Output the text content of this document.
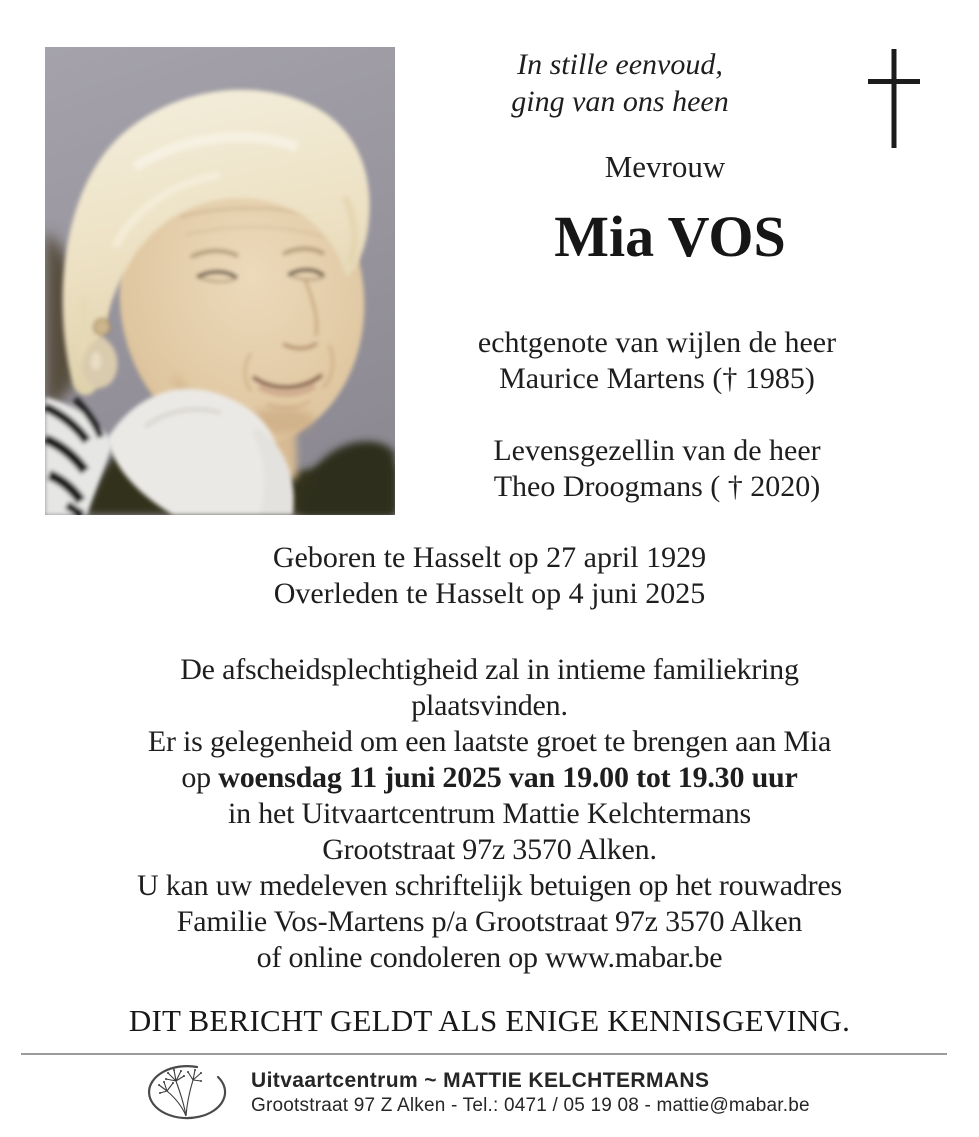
In stille eenvoud,
ging van ons heen
Mevrouw
Mia VOS
echtgenote van wijlen de heer
Maurice Martens († 1985)
Levensgezellin van de heer
Theo Droogmans ( † 2020)
Geboren te Hasselt op 27 april 1929
Overleden te Hasselt op 4 juni 2025
De afscheidsplechtigheid zal in intieme familiekring
plaatsvinden.
Er is gelegenheid om een laatste groet te brengen aan Mia
op woensdag 11 juni 2025 van 19.00 tot 19.30 uur
in het Uitvaartcentrum Mattie Kelchtermans
Grootstraat 97z 3570 Alken.
U kan uw medeleven schriftelijk betuigen op het rouwadres
Familie Vos-Martens p/a Grootstraat 97z 3570 Alken
of online condoleren op www.mabar.be
DIT BERICHT GELDT ALS ENIGE KENNISGEVING.
Uitvaartcentrum ~ MATTIE KELCHTERMANS
Grootstraat 97 Z Alken - Tel.: 0471 / 05 19 08 - mattie@mabar.be
